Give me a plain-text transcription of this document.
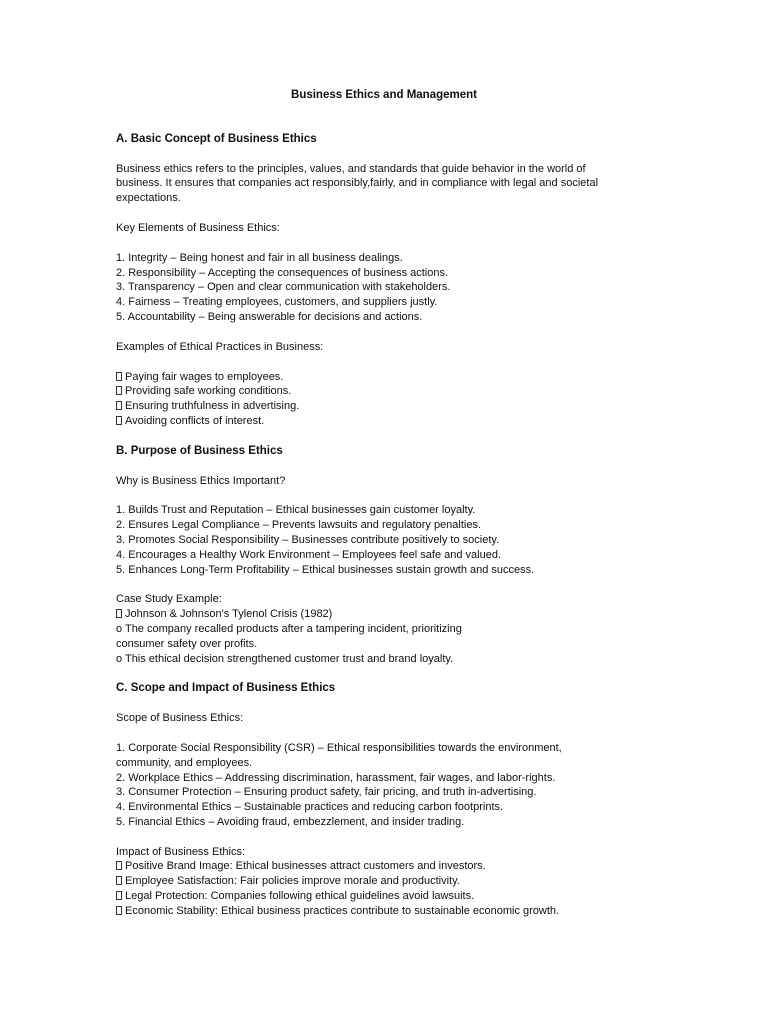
Business Ethics and Management
A. Basic Concept of Business Ethics
Business ethics refers to the principles, values, and standards that guide behavior in the world of
business. It ensures that companies act responsibly,fairly, and in compliance with legal and societal
expectations.
Key Elements of Business Ethics:
1. Integrity – Being honest and fair in all business dealings.
2. Responsibility – Accepting the consequences of business actions.
3. Transparency – Open and clear communication with stakeholders.
4. Fairness – Treating employees, customers, and suppliers justly.
5. Accountability – Being answerable for decisions and actions.
Examples of Ethical Practices in Business:
Paying fair wages to employees.
Providing safe working conditions.
Ensuring truthfulness in advertising.
Avoiding conflicts of interest.
B. Purpose of Business Ethics
Why is Business Ethics Important?
1. Builds Trust and Reputation – Ethical businesses gain customer loyalty.
2. Ensures Legal Compliance – Prevents lawsuits and regulatory penalties.
3. Promotes Social Responsibility – Businesses contribute positively to society.
4. Encourages a Healthy Work Environment – Employees feel safe and valued.
5. Enhances Long-Term Profitability – Ethical businesses sustain growth and success.
Case Study Example:
Johnson & Johnson's Tylenol Crisis (1982)
o The company recalled products after a tampering incident, prioritizing
consumer safety over profits.
o This ethical decision strengthened customer trust and brand loyalty.
C. Scope and Impact of Business Ethics
Scope of Business Ethics:
1. Corporate Social Responsibility (CSR) – Ethical responsibilities towards the environment,
community, and employees.
2. Workplace Ethics – Addressing discrimination, harassment, fair wages, and labor-rights.
3. Consumer Protection – Ensuring product safety, fair pricing, and truth in-advertising.
4. Environmental Ethics – Sustainable practices and reducing carbon footprints.
5. Financial Ethics – Avoiding fraud, embezzlement, and insider trading.
Impact of Business Ethics:
Positive Brand Image: Ethical businesses attract customers and investors.
Employee Satisfaction: Fair policies improve morale and productivity.
Legal Protection: Companies following ethical guidelines avoid lawsuits.
Economic Stability: Ethical business practices contribute to sustainable economic growth.
